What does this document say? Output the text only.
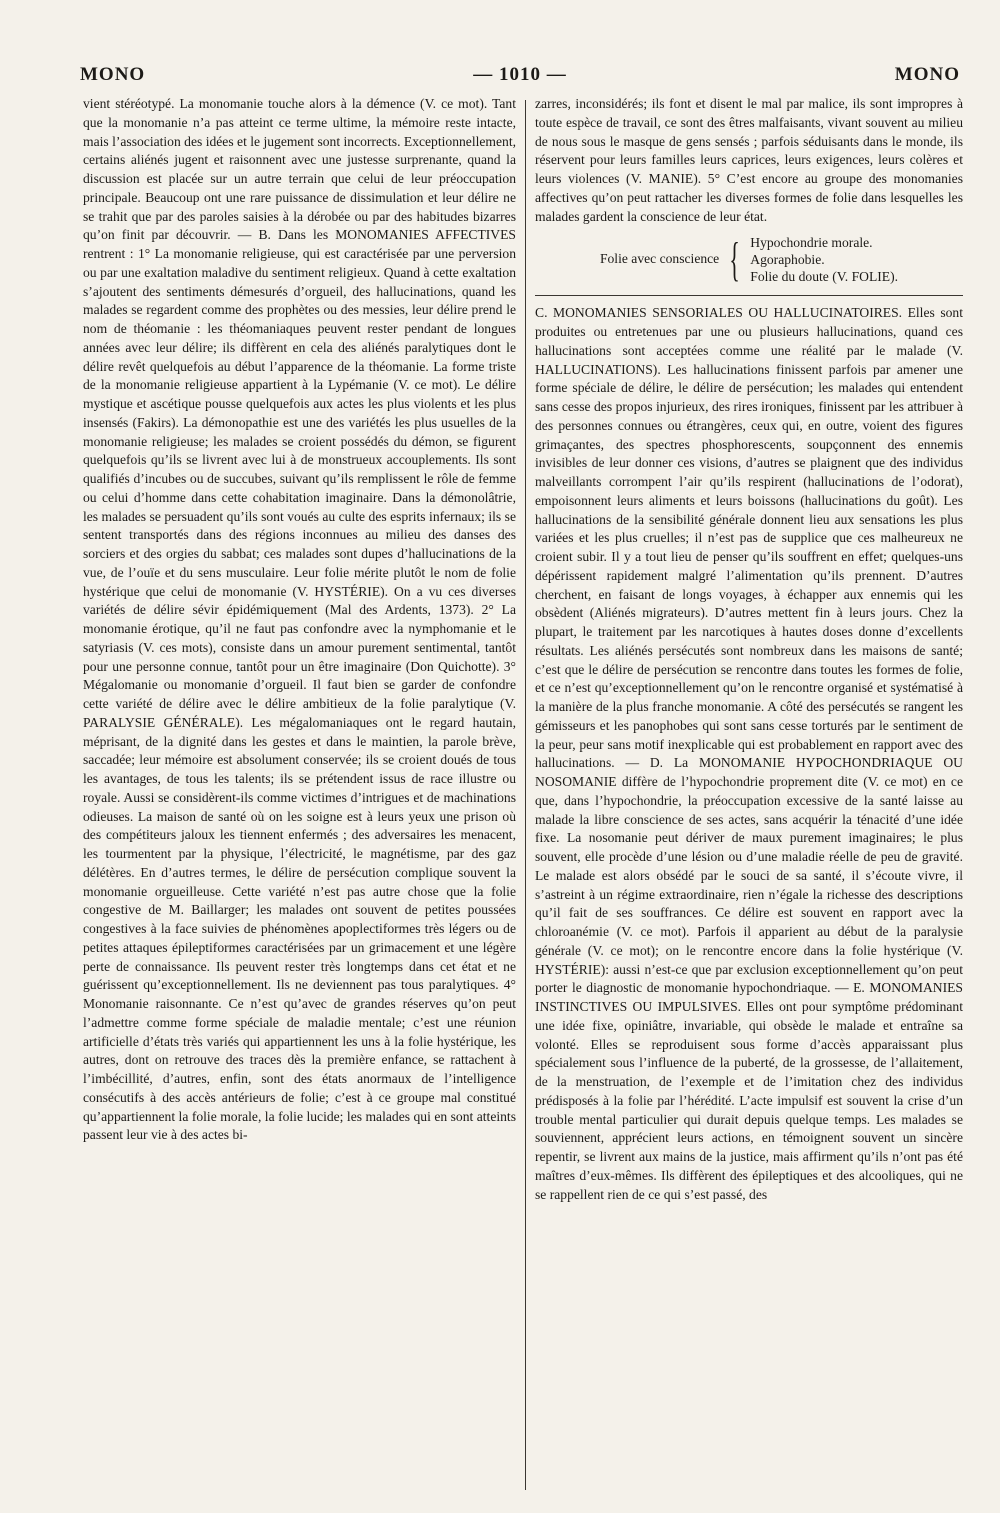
MONO	— 1010 —	MONO

vient stéréotypé. La monomanie touche alors à la démence (V. ce mot). Tant que la monomanie n’a pas atteint ce terme ultime, la mémoire reste intacte, mais l’association des idées et le jugement sont incorrects. Exceptionnellement, certains aliénés jugent et raisonnent avec une justesse surprenante, quand la discussion est placée sur un autre terrain que celui de leur préoccupation principale. Beaucoup ont une rare puissance de dissimulation et leur délire ne se trahit que par des paroles saisies à la dérobée ou par des habitudes bizarres qu’on finit par découvrir. — B. Dans les MONOMANIES AFFECTIVES rentrent : 1° La monomanie religieuse, qui est caractérisée par une perversion ou par une exaltation maladive du sentiment religieux. Quand à cette exaltation s’ajoutent des sentiments démesurés d’orgueil, des hallucinations, quand les malades se regardent comme des prophètes ou des messies, leur délire prend le nom de théomanie : les théomaniaques peuvent rester pendant de longues années avec leur délire; ils diffèrent en cela des aliénés paralytiques dont le délire revêt quelquefois au début l’apparence de la théomanie. La forme triste de la monomanie religieuse appartient à la Lypémanie (V. ce mot). Le délire mystique et ascétique pousse quelquefois aux actes les plus violents et les plus insensés (Fakirs). La démonopathie est une des variétés les plus usuelles de la monomanie religieuse; les malades se croient possédés du démon, se figurent quelquefois qu’ils se livrent avec lui à de monstrueux accouplements. Ils sont qualifiés d’incubes ou de succubes, suivant qu’ils remplissent le rôle de femme ou celui d’homme dans cette cohabitation imaginaire. Dans la démonolâtrie, les malades se persuadent qu’ils sont voués au culte des esprits infernaux; ils se sentent transportés dans des régions inconnues au milieu des danses des sorciers et des orgies du sabbat; ces malades sont dupes d’hallucinations de la vue, de l’ouïe et du sens musculaire. Leur folie mérite plutôt le nom de folie hystérique que celui de monomanie (V. HYSTÉRIE). On a vu ces diverses variétés de délire sévir épidémiquement (Mal des Ardents, 1373). 2° La monomanie érotique, qu’il ne faut pas confondre avec la nymphomanie et le satyriasis (V. ces mots), consiste dans un amour purement sentimental, tantôt pour une personne connue, tantôt pour un être imaginaire (Don Quichotte). 3° Mégalomanie ou monomanie d’orgueil. Il faut bien se garder de confondre cette variété de délire avec le délire ambitieux de la folie paralytique (V. PARALYSIE GÉNÉRALE). Les mégalomaniaques ont le regard hautain, méprisant, de la dignité dans les gestes et dans le maintien, la parole brève, saccadée; leur mémoire est absolument conservée; ils se croient doués de tous les avantages, de tous les talents; ils se prétendent issus de race illustre ou royale. Aussi se considèrent-ils comme victimes d’intrigues et de machinations odieuses. La maison de santé où on les soigne est à leurs yeux une prison où des compétiteurs jaloux les tiennent enfermés ; des adversaires les menacent, les tourmentent par la physique, l’électricité, le magnétisme, par des gaz délétères. En d’autres termes, le délire de persécution complique souvent la monomanie orgueilleuse. Cette variété n’est pas autre chose que la folie congestive de M. Baillarger; les malades ont souvent de petites poussées congestives à la face suivies de phénomènes apoplectiformes très légers ou de petites attaques épileptiformes caractérisées par un grimacement et une légère perte de connaissance. Ils peuvent rester très longtemps dans cet état et ne guérissent qu’exceptionnellement. Ils ne deviennent pas tous paralytiques. 4° Monomanie raisonnante. Ce n’est qu’avec de grandes réserves qu’on peut l’admettre comme forme spéciale de maladie mentale; c’est une réunion artificielle d’états très variés qui appartiennent les uns à la folie hystérique, les autres, dont on retrouve des traces dès la première enfance, se rattachent à l’imbécillité, d’autres, enfin, sont des états anormaux de l’intelligence consécutifs à des accès antérieurs de folie; c’est à ce groupe mal constitué qu’appartiennent la folie morale, la folie lucide; les malades qui en sont atteints passent leur vie à des actes bi-

zarres, inconsidérés; ils font et disent le mal par malice, ils sont impropres à toute espèce de travail, ce sont des êtres malfaisants, vivant souvent au milieu de nous sous le masque de gens sensés ; parfois séduisants dans le monde, ils réservent pour leurs familles leurs caprices, leurs exigences, leurs colères et leurs violences (V. MANIE). 5° C’est encore au groupe des monomanies affectives qu’on peut rattacher les diverses formes de folie dans lesquelles les malades gardent la conscience de leur état.

Folie avec conscience { Hypochondrie morale.
Agoraphobie.
Folie du doute (V. FOLIE).

C. MONOMANIES SENSORIALES OU HALLUCINATOIRES. Elles sont produites ou entretenues par une ou plusieurs hallucinations, quand ces hallucinations sont acceptées comme une réalité par le malade (V. HALLUCINATIONS). Les hallucinations finissent parfois par amener une forme spéciale de délire, le délire de persécution; les malades qui entendent sans cesse des propos injurieux, des rires ironiques, finissent par les attribuer à des personnes connues ou étrangères, ceux qui, en outre, voient des figures grimaçantes, des spectres phosphorescents, soupçonnent des ennemis invisibles de leur donner ces visions, d’autres se plaignent que des individus malveillants corrompent l’air qu’ils respirent (hallucinations de l’odorat), empoisonnent leurs aliments et leurs boissons (hallucinations du goût). Les hallucinations de la sensibilité générale donnent lieu aux sensations les plus variées et les plus cruelles; il n’est pas de supplice que ces malheureux ne croient subir. Il y a tout lieu de penser qu’ils souffrent en effet; quelques-uns dépérissent rapidement malgré l’alimentation qu’ils prennent. D’autres cherchent, en faisant de longs voyages, à échapper aux ennemis qui les obsèdent (Aliénés migrateurs). D’autres mettent fin à leurs jours. Chez la plupart, le traitement par les narcotiques à hautes doses donne d’excellents résultats. Les aliénés persécutés sont nombreux dans les maisons de santé; c’est que le délire de persécution se rencontre dans toutes les formes de folie, et ce n’est qu’exceptionnellement qu’on le rencontre organisé et systématisé à la manière de la plus franche monomanie. A côté des persécutés se rangent les gémisseurs et les panophobes qui sont sans cesse torturés par le sentiment de la peur, peur sans motif inexplicable qui est probablement en rapport avec des hallucinations. — D. La MONOMANIE HYPOCHONDRIAQUE OU NOSOMANIE diffère de l’hypochondrie proprement dite (V. ce mot) en ce que, dans l’hypochondrie, la préoccupation excessive de la santé laisse au malade la libre conscience de ses actes, sans acquérir la ténacité d’une idée fixe. La nosomanie peut dériver de maux purement imaginaires; le plus souvent, elle procède d’une lésion ou d’une maladie réelle de peu de gravité. Le malade est alors obsédé par le souci de sa santé, il s’écoute vivre, il s’astreint à un régime extraordinaire, rien n’égale la richesse des descriptions qu’il fait de ses souffrances. Ce délire est souvent en rapport avec la chloroanémie (V. ce mot). Parfois il apparient au début de la paralysie générale (V. ce mot); on le rencontre encore dans la folie hystérique (V. HYSTÉRIE): aussi n’est-ce que par exclusion exceptionnellement qu’on peut porter le diagnostic de monomanie hypochondriaque. — E. MONOMANIES INSTINCTIVES OU IMPULSIVES. Elles ont pour symptôme prédominant une idée fixe, opiniâtre, invariable, qui obsède le malade et entraîne sa volonté. Elles se reproduisent sous forme d’accès apparaissant plus spécialement sous l’influence de la puberté, de la grossesse, de l’allaitement, de la menstruation, de l’exemple et de l’imitation chez des individus prédisposés à la folie par l’hérédité. L’acte impulsif est souvent la crise d’un trouble mental particulier qui durait depuis quelque temps. Les malades se souviennent, apprécient leurs actions, en témoignent souvent un sincère repentir, se livrent aux mains de la justice, mais affirment qu’ils n’ont pas été maîtres d’eux-mêmes. Ils diffèrent des épileptiques et des alcooliques, qui ne se rappellent rien de ce qui s’est passé, des
